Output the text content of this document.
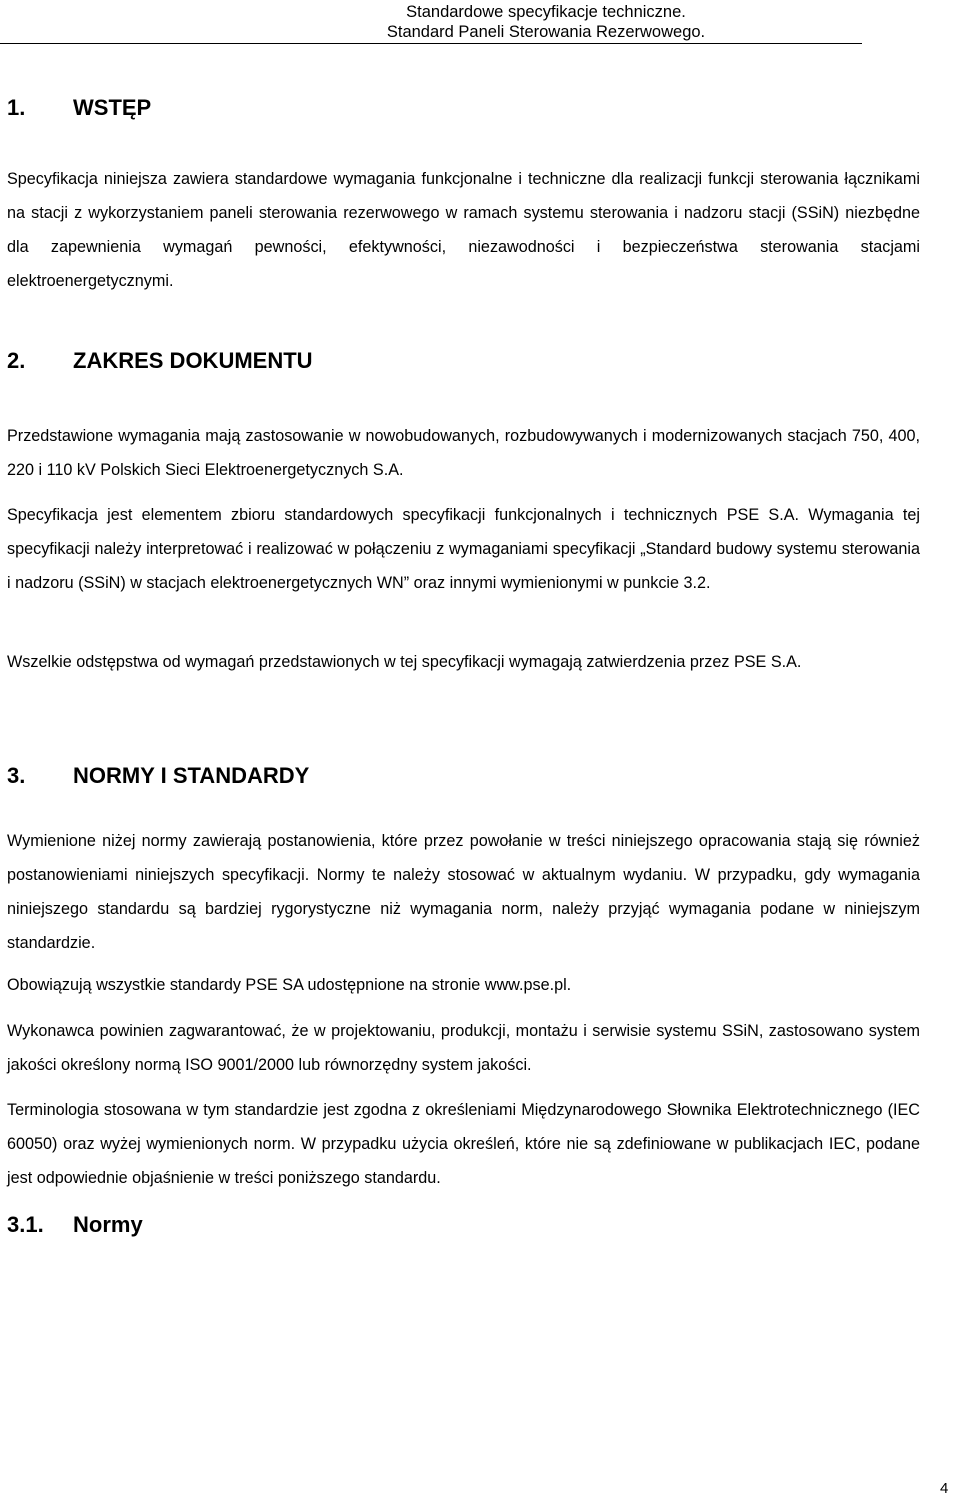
Standardowe specyfikacje techniczne.
Standard Paneli Sterowania Rezerwowego.
1. WSTĘP

Specyfikacja niniejsza zawiera standardowe wymagania funkcjonalne i techniczne dla realizacji funkcji sterowania łącznikami na stacji z wykorzystaniem paneli sterowania rezerwowego w ramach systemu sterowania i nadzoru stacji (SSiN) niezbędne dla zapewnienia wymagań pewności, efektywności, niezawodności i bezpieczeństwa sterowania stacjami elektroenergetycznymi.

2. ZAKRES DOKUMENTU

Przedstawione wymagania mają zastosowanie w nowobudowanych, rozbudowywanych i modernizowanych stacjach 750, 400, 220 i 110 kV Polskich Sieci Elektroenergetycznych S.A.

Specyfikacja jest elementem zbioru standardowych specyfikacji funkcjonalnych i technicznych PSE S.A. Wymagania tej specyfikacji należy interpretować i realizować w połączeniu z wymaganiami specyfikacji „Standard budowy systemu sterowania i nadzoru (SSiN) w stacjach elektroenergetycznych WN” oraz innymi wymienionymi w punkcie 3.2.

Wszelkie odstępstwa od wymagań przedstawionych w tej specyfikacji wymagają zatwierdzenia przez PSE S.A.

3. NORMY I STANDARDY

Wymienione niżej normy zawierają postanowienia, które przez powołanie w treści niniejszego opracowania stają się również postanowieniami niniejszych specyfikacji. Normy te należy stosować w aktualnym wydaniu. W przypadku, gdy wymagania niniejszego standardu są bardziej rygorystyczne niż wymagania norm, należy przyjąć wymagania podane w niniejszym standardzie.

Obowiązują wszystkie standardy PSE SA udostępnione na stronie www.pse.pl.

Wykonawca powinien zagwarantować, że w projektowaniu, produkcji, montażu i serwisie systemu SSiN, zastosowano system jakości określony normą ISO 9001/2000 lub równorzędny system jakości.

Terminologia stosowana w tym standardzie jest zgodna z określeniami Międzynarodowego Słownika Elektrotechnicznego (IEC 60050) oraz wyżej wymienionych norm. W przypadku użycia określeń, które nie są zdefiniowane w publikacjach IEC, podane jest odpowiednie objaśnienie w treści poniższego standardu.

3.1. Normy
4
